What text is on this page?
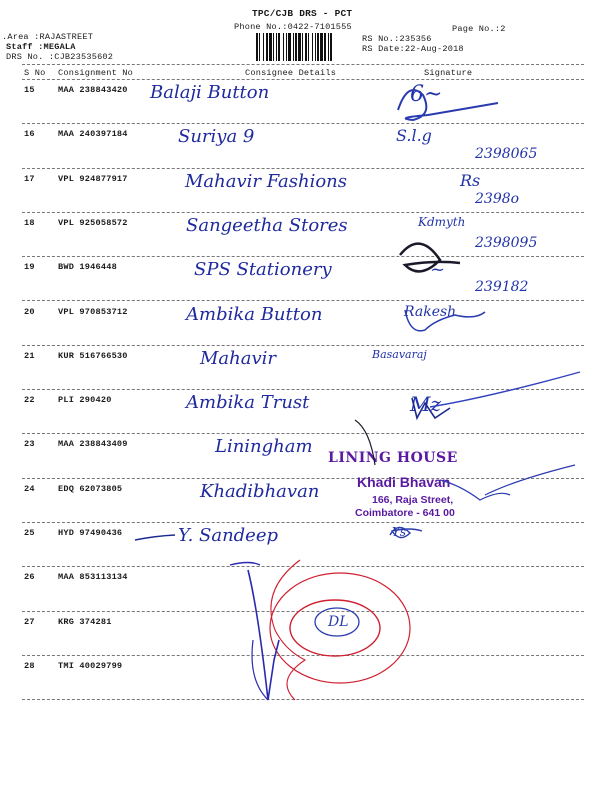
TPC/CJB DRS - PCT
Phone No.:0422-7101555	Page No.:2
.Area :RAJASTREET
Staff :MEGALA
DRS No. :CJB23535602
RS No.:235356
RS Date:22-Aug-2018
S No Consignment No	Consignee Details	Signature
15	MAA 238843420 Balaji Button	6~
16	MAA 240397184	Suriya 9	S.l.g
2398065
17	VPL 924877917	Mahavir Fashions	Rs
2398o
18	VPL 925058572	Sangeetha Stores	Kdmyth
2398095
19	BWD 1946448	SPS Stationery	~
239182
20	VPL 970853712	Ambika Button	Rakesh
21	KUR 516766530	Mahavir	Basavaraj
22	PLI 290420	Ambika Trust	Mz
23	MAA 238843409	Liningham
24	EDQ 62073805	Khadibhavan
25	HYD 97490436	Y. Sandeep	Ys
26	MAA 853113134
27	KRG 374281
28	TMI 40029799
LINING HOUSE
Khadi Bhavan
166, Raja Street,
Coimbatore - 641 00
DL
